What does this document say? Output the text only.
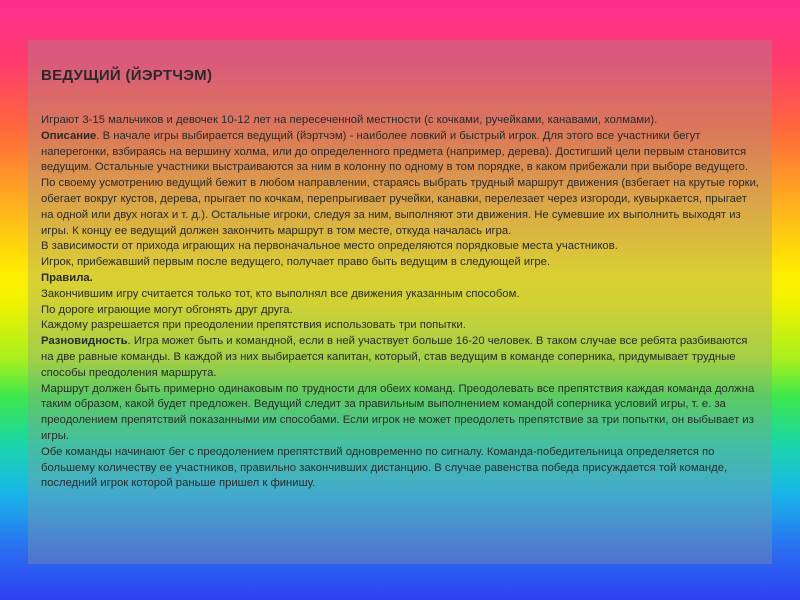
ВЕДУЩИЙ (ЙЭРТЧЭМ)

Играют 3-15 мальчиков и девочек 10-12 лет на пересеченной местности (с кочками, ручейками, канавами, холмами).

Описание. В начале игры выбирается ведущий (йэртчэм) - наиболее ловкий и быстрый игрок. Для этого все участники бегут наперегонки, взбираясь на вершину холма, или до определенного предмета (например, дерева). Достигший цели первым становится ведущим. Остальные участники выстраиваются за ним в колонну по одному в том порядке, в каком прибежали при выборе ведущего. По своему усмотрению ведущий бежит в любом направлении, стараясь выбрать трудный маршрут движения (взбегает на крутые горки, обегает вокруг кустов, дерева, прыгает по кочкам, перепрыгивает ручейки, канавки, перелезает через изгороди, кувыркается, прыгает на одной или двух ногах и т. д.). Остальные игроки, следуя за ним, выполняют эти движения. Не сумевшие их выполнить выходят из игры. К концу ее ведущий должен закончить маршрут в том месте, откуда началась игра.

В зависимости от прихода играющих на первоначальное место определяются порядковые места участников.

Игрок, прибежавший первым после ведущего, получает право быть ведущим в следующей игре.

Правила.

Закончившим игру считается только тот, кто выполнял все движения указанным способом.

По дороге играющие могут обгонять друг друга.

Каждому разрешается при преодолении препятствия использовать три попытки.

Разновидность. Игра может быть и командной, если в ней участвует больше 16-20 человек. В таком случае все ребята разбиваются на две равные команды. В каждой из них выбирается капитан, который, став ведущим в команде соперника, придумывает трудные способы преодоления маршрута.

Маршрут должен быть примерно одинаковым по трудности для обеих команд. Преодолевать все препятствия каждая команда должна таким образом, какой будет предложен. Ведущий следит за правильным выполнением командой соперника условий игры, т. е. за преодолением препятствий показанными им способами. Если игрок не может преодолеть препятствие за три попытки, он выбывает из игры.

Обе команды начинают бег с преодолением препятствий одновременно по сигналу. Команда-победительница определяется по большему количеству ее участников, правильно закончивших дистанцию. В случае равенства победа присуждается той команде, последний игрок которой раньше пришел к финишу.
